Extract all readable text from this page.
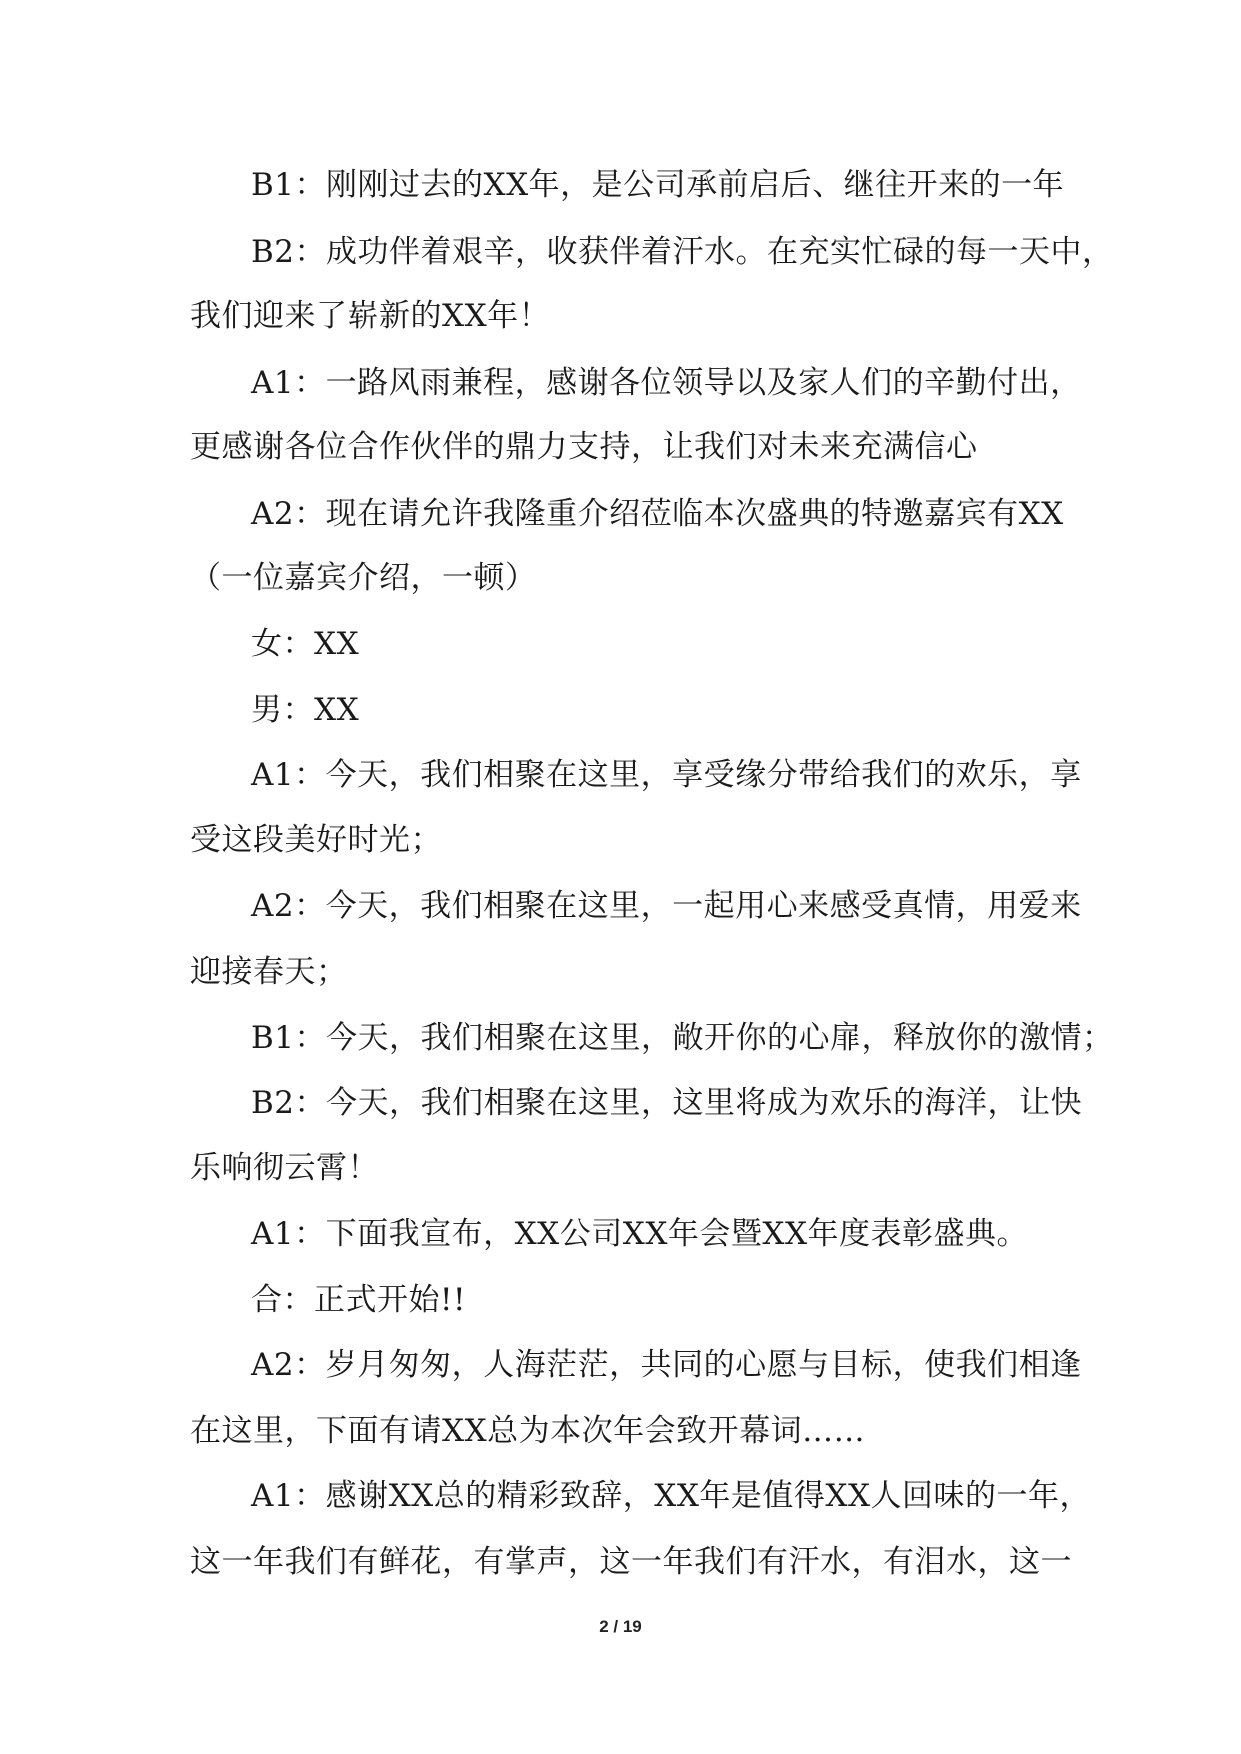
B1：刚刚过去的XX年，是公司承前启后、继往开来的一年
B2：成功伴着艰辛，收获伴着汗水。在充实忙碌的每一天中，
我们迎来了崭新的XX年！
A1：一路风雨兼程，感谢各位领导以及家人们的辛勤付出，
更感谢各位合作伙伴的鼎力支持，让我们对未来充满信心
A2：现在请允许我隆重介绍莅临本次盛典的特邀嘉宾有XX
（一位嘉宾介绍，一顿）
女：XX
男：XX
A1：今天，我们相聚在这里，享受缘分带给我们的欢乐，享
受这段美好时光；
A2：今天，我们相聚在这里，一起用心来感受真情，用爱来
迎接春天；
B1：今天，我们相聚在这里，敞开你的心扉，释放你的激情；
B2：今天，我们相聚在这里，这里将成为欢乐的海洋，让快
乐响彻云霄！
A1：下面我宣布，XX公司XX年会暨XX年度表彰盛典。
合：正式开始!!
A2：岁月匆匆，人海茫茫，共同的心愿与目标，使我们相逢
在这里，下面有请XX总为本次年会致开幕词……
A1：感谢XX总的精彩致辞，XX年是值得XX人回味的一年，
这一年我们有鲜花，有掌声，这一年我们有汗水，有泪水，这一
2 / 19
